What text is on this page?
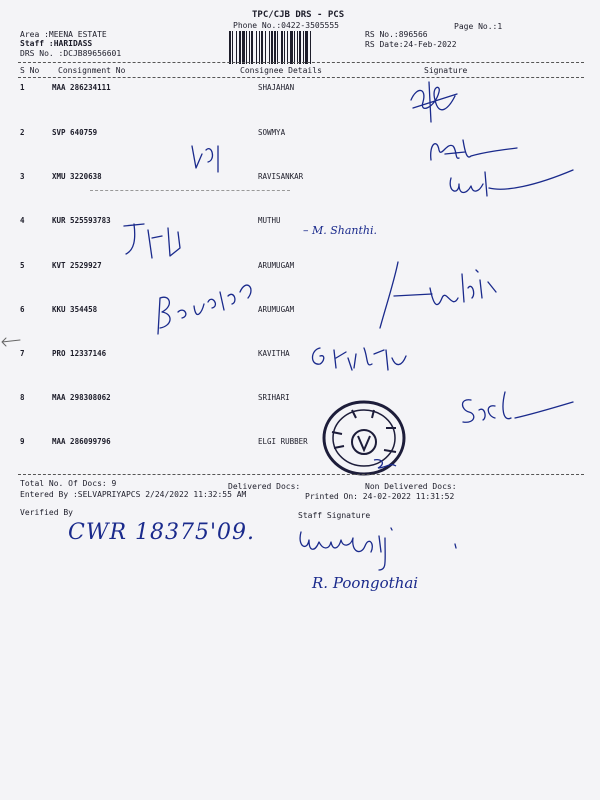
TPC/CJB DRS - PCS
Phone No.:0422-3505555	Page No.:1
Area :MEENA ESTATE
Staff :HARIDASS
DRS No. :DCJB89656601
RS No.:896566
RS Date:24-Feb-2022
S No Consignment No	Consignee Details	Signature
1	MAA 286234111	SHAJAHAN
2	SVP 640759	SOWMYA
3	XMU 3220638	RAVISANKAR
4	KUR 525593783	MUTHU
5	KVT 2529927	ARUMUGAM
6	KKU 354458	ARUMUGAM
7	PRO 12337146	KAVITHA
8	MAA 298308062	SRIHARI
9	MAA 286099796	ELGI RUBBER
– M. Shanthi.
Total No. Of Docs: 9	Delivered Docs:	Non Delivered Docs:
Entered By :SELVAPRIYAPCS 2/24/2022 11:32:55 AM	Printed On: 24-02-2022 11:31:52
Verified By	Staff Signature
CWR 18375'09.
R. Poongothai
